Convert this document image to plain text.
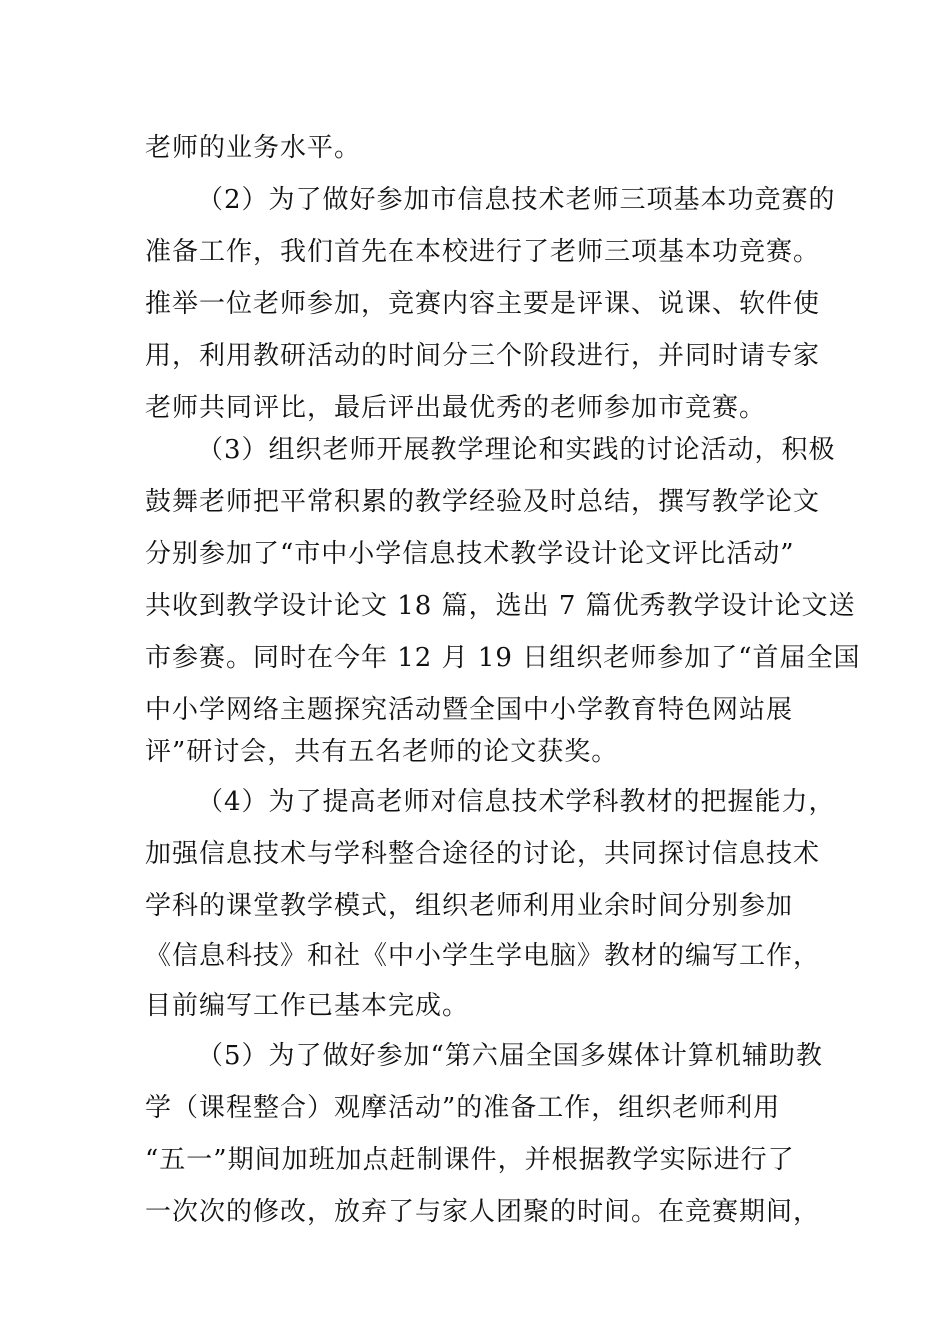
老师的业务水平。
（2）为了做好参加市信息技术老师三项基本功竞赛的
准备工作，我们首先在本校进行了老师三项基本功竞赛。
推举一位老师参加，竞赛内容主要是评课、说课、软件使
用，利用教研活动的时间分三个阶段进行，并同时请专家
老师共同评比，最后评出最优秀的老师参加市竞赛。
（3）组织老师开展教学理论和实践的讨论活动，积极
鼓舞老师把平常积累的教学经验及时总结，撰写教学论文
分别参加了“市中小学信息技术教学设计论文评比活动”
共收到教学设计论文 18 篇，选出 7 篇优秀教学设计论文送
市参赛。同时在今年 12 月 19 日组织老师参加了“首届全国
中小学网络主题探究活动暨全国中小学教育特色网站展
评”研讨会，共有五名老师的论文获奖。
（4）为了提高老师对信息技术学科教材的把握能力，
加强信息技术与学科整合途径的讨论，共同探讨信息技术
学科的课堂教学模式，组织老师利用业余时间分别参加
《信息科技》和社《中小学生学电脑》教材的编写工作，
目前编写工作已基本完成。
（5）为了做好参加“第六届全国多媒体计算机辅助教
学（课程整合）观摩活动”的准备工作，组织老师利用
“五一”期间加班加点赶制课件，并根据教学实际进行了
一次次的修改，放弃了与家人团聚的时间。在竞赛期间，
